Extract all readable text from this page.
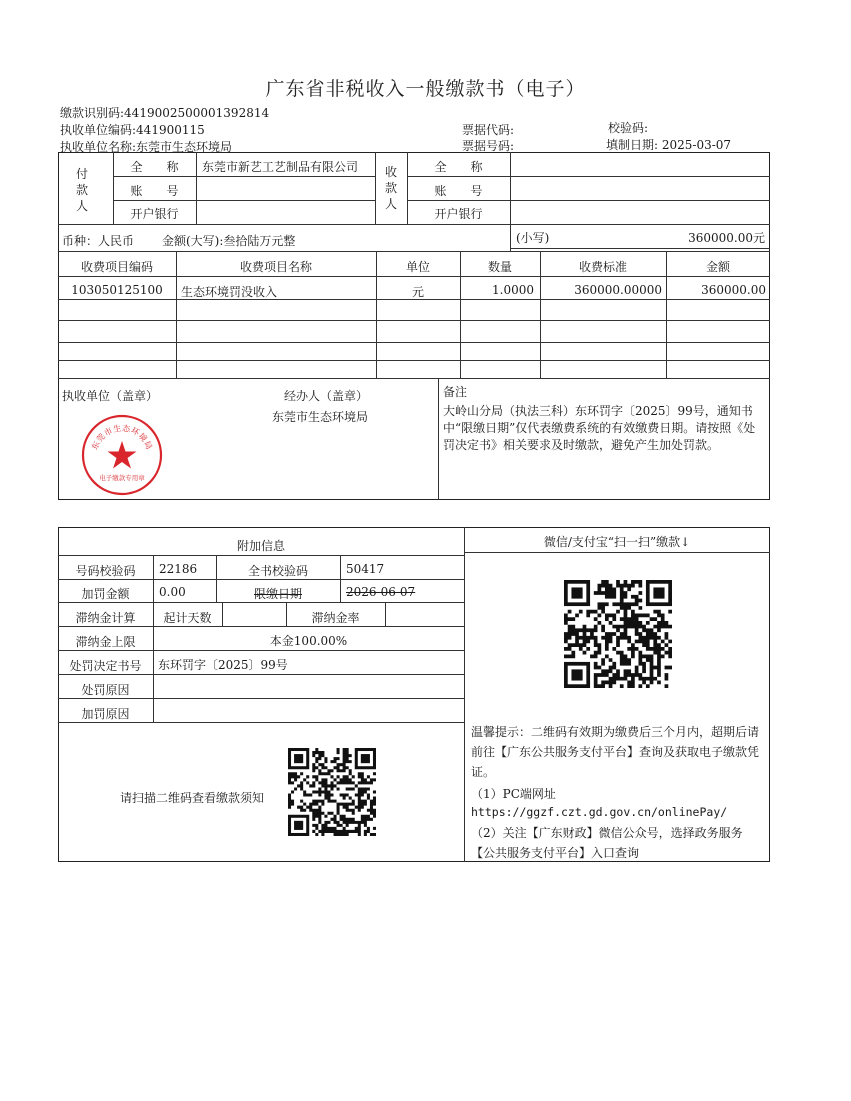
广东省非税收入一般缴款书（电子）
缴款识别码:4419002500001392814
执收单位编码:441900115
执收单位名称:东莞市生态环境局
票据代码:
票据号码:
校验码:
填制日期: 2025-03-07
付款人
全　　称	东莞市新艺工艺制品有限公司
账　　号
开户银行
收款人
全　　称
账　　号
开户银行
币种：人民币 金额(大写):叁拾陆万元整	(小写)	360000.00元
收费项目编码	收费项目名称	单位	数量	收费标准	金额
103050125100	生态环境罚没收入	元	1.0000	360000.00000	360000.00
执收单位（盖章）	经办人（盖章）
东莞市生态环境局
东莞市生态环境局
电子缴款专用章
备注
大岭山分局（执法三科）东环罚字〔2025〕99号，通知书中“限缴日期”仅代表缴费系统的有效缴费日期。请按照《处罚决定书》相关要求及时缴款，避免产生加处罚款。
附加信息
号码校验码	22186	全书校验码	50417
加罚金额	0.00	限缴日期	2026-06-07
滞纳金计算	起计天数	滞纳金率
滞纳金上限	本金100.00%
处罚决定书号	东环罚字〔2025〕99号
处罚原因
加罚原因
请扫描二维码查看缴款须知
微信/支付宝“扫一扫”缴款↓
温馨提示：二维码有效期为缴费后三个月内，超期后请前往【广东公共服务支付平台】查询及获取电子缴款凭证。
（1）PC端网址
https://ggzf.czt.gd.gov.cn/onlinePay/
（2）关注【广东财政】微信公众号，选择政务服务【公共服务支付平台】入口查询
